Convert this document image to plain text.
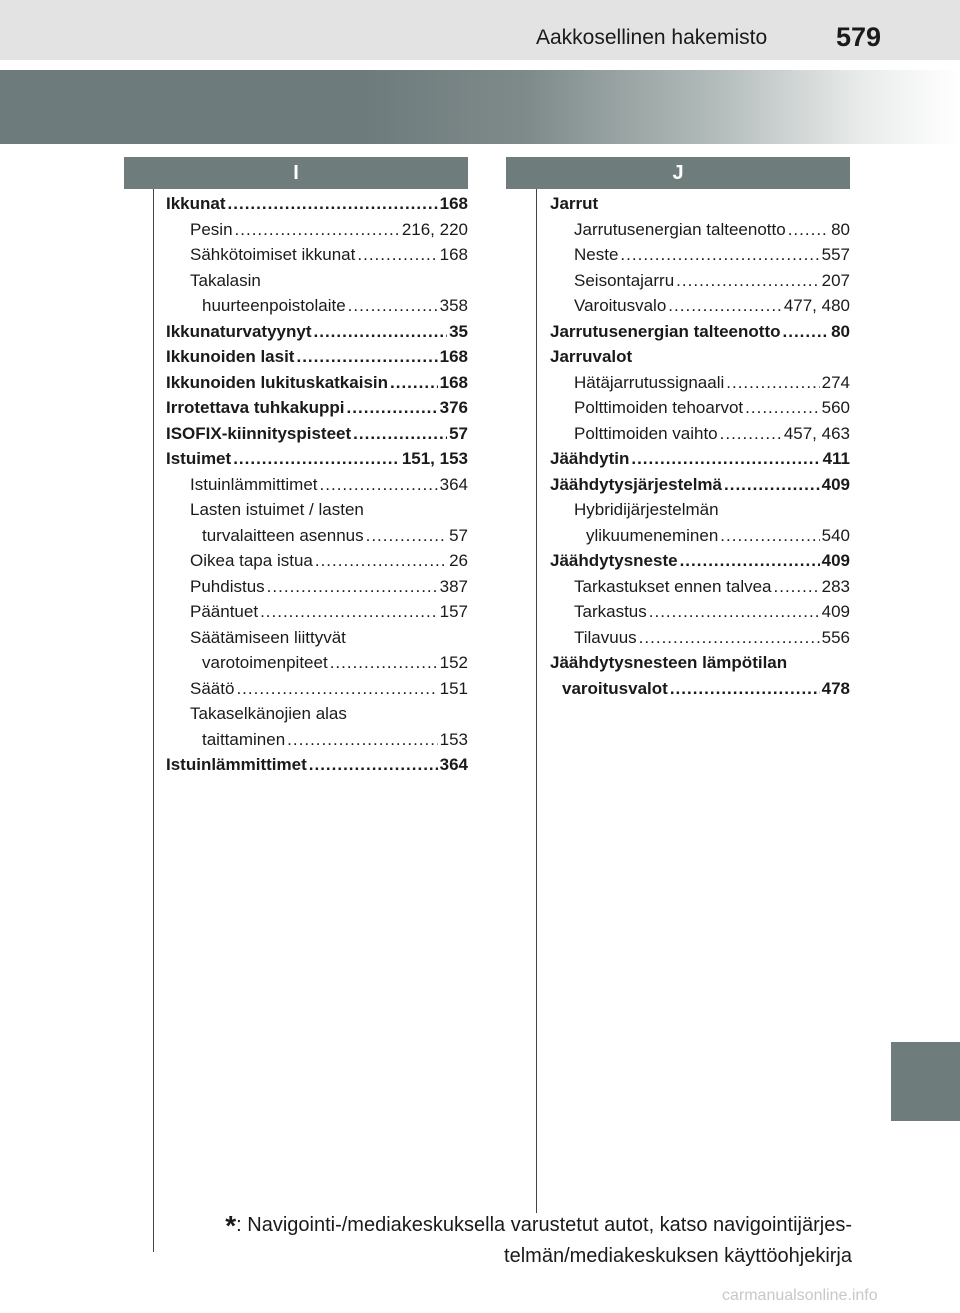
Aakkosellinen hakemisto	579
I	J
Ikkunat .....	168
Pesin .....	216, 220
Sähkötoimiset ikkunat .....	168
Takalasin
huurteenpoistolaite .....	358
Ikkunaturvatyynyt .....	35
Ikkunoiden lasit .....	168
Ikkunoiden lukituskatkaisin .....	168
Irrotettava tuhkakuppi .....	376
ISOFIX-kiinnityspisteet .....	57
Istuimet .....	151, 153
Istuinlämmittimet .....	364
Lasten istuimet / lasten
turvalaitteen asennus .....	57
Oikea tapa istua .....	26
Puhdistus .....	387
Pääntuet .....	157
Säätämiseen liittyvät
varotoimenpiteet .....	152
Säätö .....	151
Takaselkänojien alas
taittaminen .....	153
Istuinlämmittimet .....	364
Jarrut
Jarrutusenergian talteenotto .....	80
Neste .....	557
Seisontajarru .....	207
Varoitusvalo .....	477, 480
Jarrutusenergian talteenotto .....	80
Jarruvalot
Hätäjarrutussignaali .....	274
Polttimoiden tehoarvot .....	560
Polttimoiden vaihto .....	457, 463
Jäähdytin .....	411
Jäähdytysjärjestelmä .....	409
Hybridijärjestelmän
ylikuumeneminen .....	540
Jäähdytysneste .....	409
Tarkastukset ennen talvea .....	283
Tarkastus .....	409
Tilavuus .....	556
Jäähdytysnesteen lämpötilan
varoitusvalot .....	478
*: Navigointi-/mediakeskuksella varustetut autot, katso navigointijärjes-
telmän/mediakeskuksen käyttöohjekirja
carmanualsonline.info
